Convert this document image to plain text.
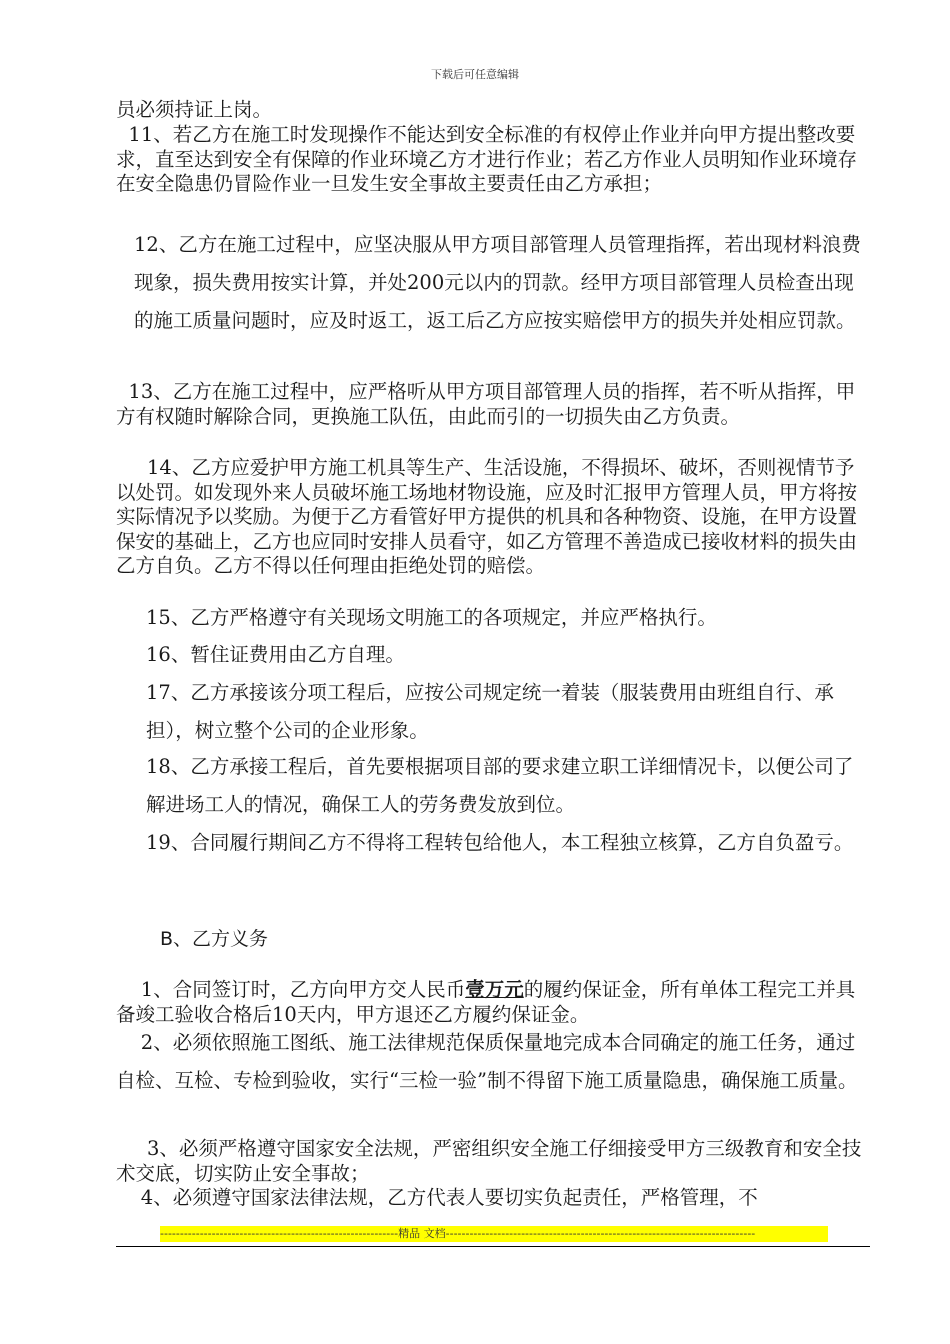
下载后可任意编辑

员必须持证上岗。

11、若乙方在施工时发现操作不能达到安全标准的有权停止作业并向甲方提出整改要求，直至达到安全有保障的作业环境乙方才进行作业；若乙方作业人员明知作业环境存在安全隐患仍冒险作业一旦发生安全事故主要责任由乙方承担；

12、乙方在施工过程中，应坚决服从甲方项目部管理人员管理指挥，若出现材料浪费现象，损失费用按实计算，并处200元以内的罚款。经甲方项目部管理人员检查出现的施工质量问题时，应及时返工，返工后乙方应按实赔偿甲方的损失并处相应罚款。

13、乙方在施工过程中，应严格听从甲方项目部管理人员的指挥，若不听从指挥，甲方有权随时解除合同，更换施工队伍，由此而引的一切损失由乙方负责。

14、乙方应爱护甲方施工机具等生产、生活设施，不得损坏、破坏，否则视情节予以处罚。如发现外来人员破坏施工场地材物设施，应及时汇报甲方管理人员，甲方将按实际情况予以奖励。为便于乙方看管好甲方提供的机具和各种物资、设施，在甲方设置保安的基础上，乙方也应同时安排人员看守，如乙方管理不善造成已接收材料的损失由乙方自负。乙方不得以任何理由拒绝处罚的赔偿。

15、乙方严格遵守有关现场文明施工的各项规定，并应严格执行。
16、暂住证费用由乙方自理。
17、乙方承接该分项工程后，应按公司规定统一着装（服装费用由班组自行、承担），树立整个公司的企业形象。
18、乙方承接工程后，首先要根据项目部的要求建立职工详细情况卡，以便公司了解进场工人的情况，确保工人的劳务费发放到位。
19、合同履行期间乙方不得将工程转包给他人，本工程独立核算，乙方自负盈亏。
B、乙方义务

1、合同签订时，乙方向甲方交人民币壹万元的履约保证金，所有单体工程完工并具备竣工验收合格后10天内，甲方退还乙方履约保证金。

2、必须依照施工图纸、施工法律规范保质保量地完成本合同确定的施工任务，通过自检、互检、专检到验收，实行“三检一验”制不得留下施工质量隐患，确保施工质量。

3、必须严格遵守国家安全法规，严密组织安全施工仔细接受甲方三级教育和安全技术交底，切实防止安全事故；

4、必须遵守国家法律法规，乙方代表人要切实负起责任，严格管理，不

------------------------------------------------------------精品 文档------------------------------------------------------------------------------
